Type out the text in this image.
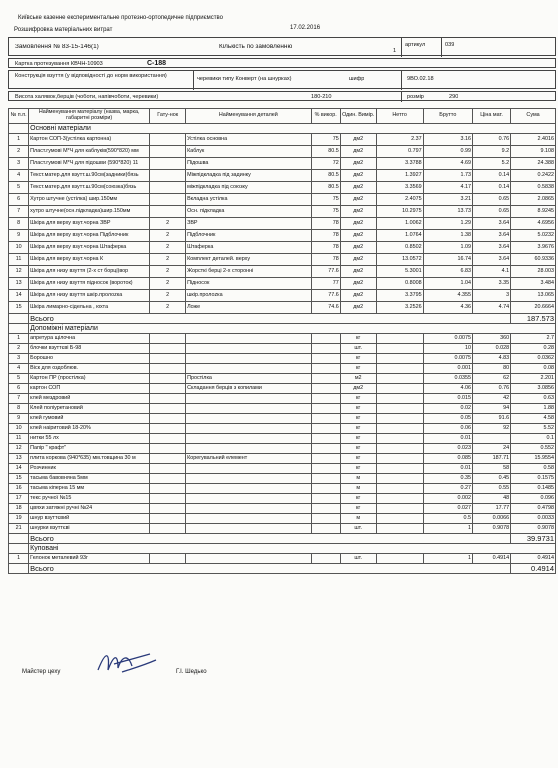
Київське казенне експериментальне протезно-ортопедичне підприємство
17.02.2016
Розшифровка матеріальних витрат
Замовлення № 83-15-146(1)	Кількість по замовленню
1
артикул	039
Картка протезування КВЧН-10903	С-188
Конструкція взуття (у відповідності до норм використання)	черевики типу Конверт (на шнурках)	шифр	9ВО.02.18
Висота халявок,берців (чоботи, напівчоботи, черевики)	180-210	розмір	290
№ п.п.	Найменування матеріалу (назва, марка, габаритні розміри)	Гату-нок	Найменування деталей	% викор.	Один. Виміp.	Нетто	Брутто	Ціна мат.	Сума
	Основні матеріали								
1	Картон СОП-3(устілка картонна)		Устілка основна	75	дм2	2.37	3.16	0.76	2.4016
2	Пласт.гумові М*Ч для каблуків(590*820) мм		Каблук	80.5	дм2	0.797	0.99	9.2	9.108
3	Пласт.гумові М*Ч для підошви (590*820) 11		Підошва	72	дм2	3.3788	4.69	5.2	24.388
4	Текст.матер.для взутт.ш.90см(задники)бязь		Міжпідкладка під задинку	80.5	дм2	1.3927	1.73	0.14	0.2422
5	Текст.матер.для взутт.ш.90см(союзка)бязь		міжпідкладка під союзку	80.5	дм2	3.3569	4.17	0.14	0.5838
6	Хутро штучне (устілка) шир.150мм		Вкладна устілка	75	дм2	2.4075	3.21	0.65	2.0865
7	хутро штучне(осн.підкладка)шир.150мм		Осн. підкладка	75	дм2	10.2975	13.73	0.65	8.9245
8	Шкіра для верху взут.чорна ЗВР	2	ЗВР	78	дм2	1.0062	1.29	3.64	4.6956
9	Шкіра для верху взут.чорна Підблочник	2	Підблочник	78	дм2	1.0764	1.38	3.64	5.0232
10	Шкіра для верху взут.чорна Штаферка	2	Штаферка	78	дм2	0.8502	1.09	3.64	3.9676
11	Шкіра для верху взут.чорна К	2	Комплект деталей. верху	78	дм2	13.0572	16.74	3.64	60.9336
12	Шкіра для низу взуття (2-х ст борці)вор	2	Жорсткі берці 2-х сторонні	77.6	дм2	5.3001	6.83	4.1	28.003
13	Шкіра для низу взуття підносок (вороток)	2	Підносок	77	дм2	0.8008	1.04	3.35	3.484
14	Шкіра для низу взуття шкір.пролоzка	2	шкір.пролоzка	77.6	дм2	3.3795	4.355	3	13.065
15	Шкіра лимарно-сідельна , юхта	2	Ложе	74.6	дм2	3.2526	4.36	4.74	20.6664
	Всього								187.573
	Допоміжні матеріали								
1	апретура щілочна				кг		0.0075	360	2.7
2	блочки взуттєві Б-98				шт.		10	0.028	0.28
3	Борошно				кг		0.0075	4.83	0.0362
4	Віск для оздоблюв.				кг		0.001	80	0.08
5	Картон ПР (простілка)		Простілка		м2		0.0355	62	2.201
6	картон СОП		Складання берців з копилами		дм2		4.06	0.76	3.0856
7	клей мездровий				кг		0.015	42	0.63
8	Клей поліуретановий				кг		0.02	94	1.88
9	клей гумовий				кг		0.05	91.6	4.58
10	клей наіритовий 18-20%				кг		0.06	92	5.52
11	нитки 55 лх				кг		0.01		0.1
12	Папір " крафт"				кг		0.023	24	0.552
13	плита коркова (940*635) мм.товщина 30 м		Корегувальний елемент		кг		0.085	187.71	15.9554
14	Розчинник				кг		0.01	58	0.58
15	тасьма бавовняна 5мм				м		0.35	0.45	0.1575
16	тасьма кіперна 15 мм				м		0.27	0.55	0.1485
17	текс ручної №15				кг		0.002	48	0.096
18	цвяхи затяжні ручні №24				кг		0.027	17.77	0.4798
19	шнур взуттєвий				м		0.5	0.0066	0.0033
21	шнурки взуттєві				шт.		1	0.9078	0.9078
	Всього								39.9731
	Куповані								
1	Гелонок металевий 93г				шт.		1	0.4914	0.4914
	Всього								0.4914
Майстер цеху	Г.І. Шедько
